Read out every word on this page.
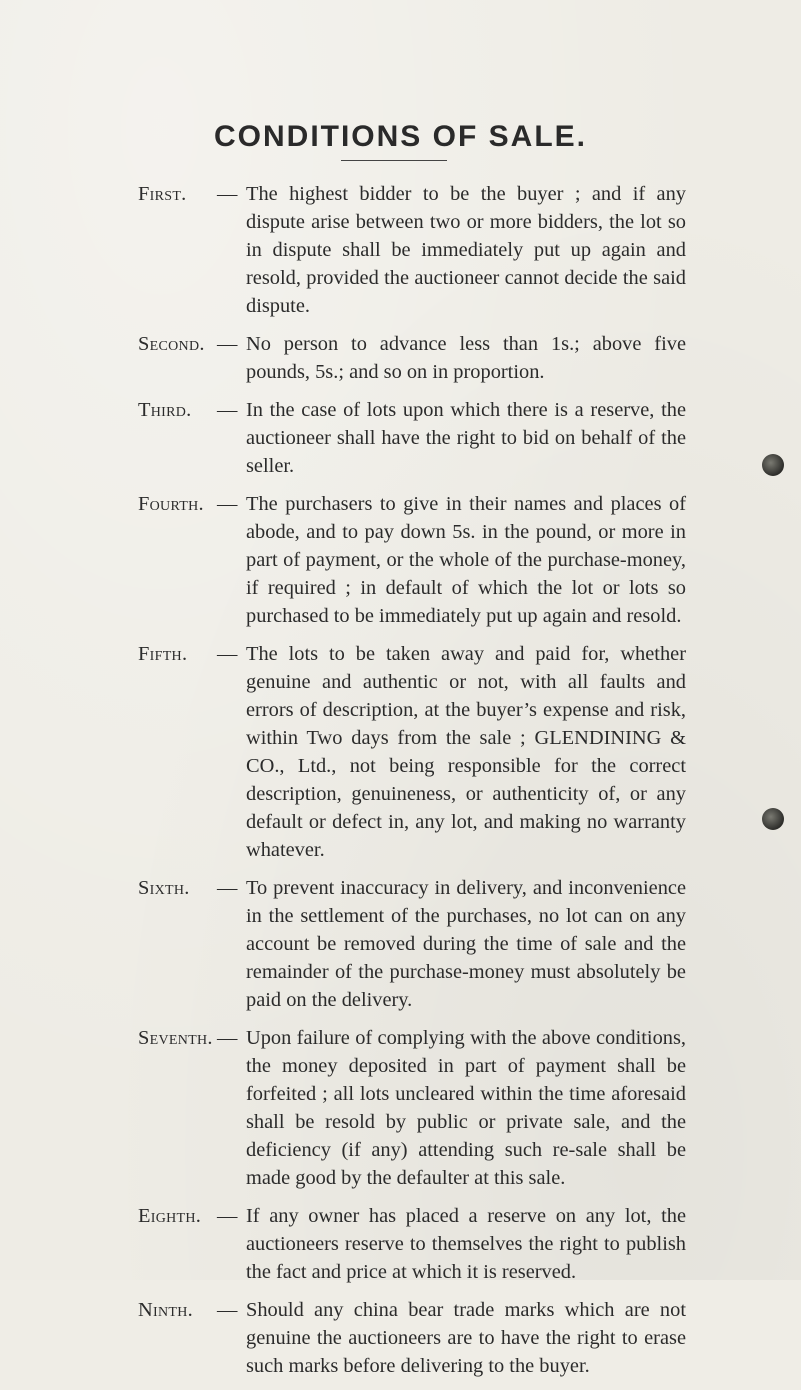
CONDITIONS OF SALE.

First. — The highest bidder to be the buyer ; and if any dispute arise between two or more bidders, the lot so in dispute shall be immediately put up again and resold, provided the auctioneer cannot decide the said dispute.

Second. — No person to advance less than 1s.; above five pounds, 5s.; and so on in proportion.

Third. — In the case of lots upon which there is a reserve, the auctioneer shall have the right to bid on behalf of the seller.

Fourth. — The purchasers to give in their names and places of abode, and to pay down 5s. in the pound, or more in part of payment, or the whole of the purchase-money, if required ; in default of which the lot or lots so purchased to be immediately put up again and resold.

Fifth. — The lots to be taken away and paid for, whether genuine and authentic or not, with all faults and errors of description, at the buyer’s expense and risk, within Two days from the sale ; GLENDINING & CO., Ltd., not being responsible for the correct description, genuineness, or authenticity of, or any default or defect in, any lot, and making no warranty whatever.

Sixth. — To prevent inaccuracy in delivery, and inconvenience in the settlement of the purchases, no lot can on any account be removed during the time of sale and the remainder of the purchase-money must absolutely be paid on the delivery.

Seventh. — Upon failure of complying with the above conditions, the money deposited in part of payment shall be forfeited ; all lots uncleared within the time aforesaid shall be resold by public or private sale, and the deficiency (if any) attending such re-sale shall be made good by the defaulter at this sale.

Eighth. — If any owner has placed a reserve on any lot, the auctioneers reserve to themselves the right to publish the fact and price at which it is reserved.

Ninth. — Should any china bear trade marks which are not genuine the auctioneers are to have the right to erase such marks before delivering to the buyer.
